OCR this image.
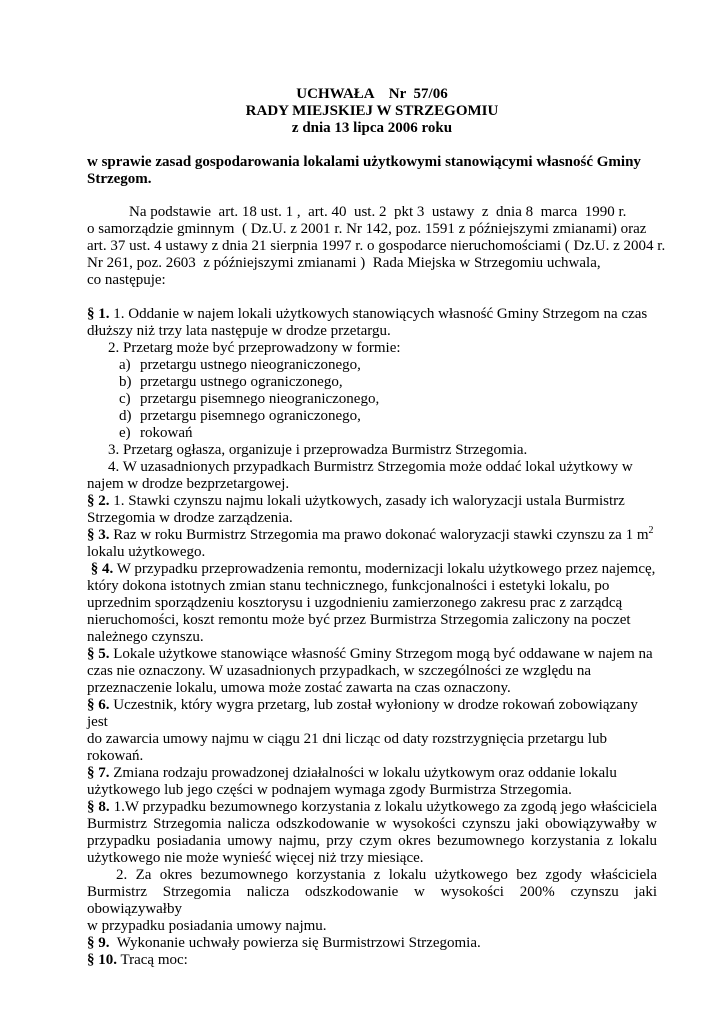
UCHWAŁA    Nr  57/06
RADY MIEJSKIEJ W STRZEGOMIU
z dnia 13 lipca 2006 roku
w sprawie zasad gospodarowania lokalami użytkowymi stanowiącymi własność Gminy
Strzegom.
Na podstawie  art. 18 ust. 1 ,  art. 40  ust. 2  pkt 3  ustawy  z  dnia 8  marca  1990 r.
o samorządzie gminnym  ( Dz.U. z 2001 r. Nr 142, poz. 1591 z późniejszymi zmianami) oraz
art. 37 ust. 4 ustawy z dnia 21 sierpnia 1997 r. o gospodarce nieruchomościami ( Dz.U. z 2004 r.
Nr 261, poz. 2603  z późniejszymi zmianami )  Rada Miejska w Strzegomiu uchwala,
co następuje:
§ 1. 1. Oddanie w najem lokali użytkowych stanowiących własność Gminy Strzegom na czas
dłuższy niż trzy lata następuje w drodze przetargu.
2. Przetarg może być przeprowadzony w formie:
a) przetargu ustnego nieograniczonego,
b) przetargu ustnego ograniczonego,
c) przetargu pisemnego nieograniczonego,
d) przetargu pisemnego ograniczonego,
e) rokowań
3. Przetarg ogłasza, organizuje i przeprowadza Burmistrz Strzegomia.
4. W uzasadnionych przypadkach Burmistrz Strzegomia może oddać lokal użytkowy w
najem w drodze bezprzetargowej.
§ 2. 1. Stawki czynszu najmu lokali użytkowych, zasady ich waloryzacji ustala Burmistrz
Strzegomia w drodze zarządzenia.
§ 3. Raz w roku Burmistrz Strzegomia ma prawo dokonać waloryzacji stawki czynszu za 1 $m^2$
lokalu użytkowego.
§ 4. W przypadku przeprowadzenia remontu, modernizacji lokalu użytkowego przez najemcę,
który dokona istotnych zmian stanu technicznego, funkcjonalności i estetyki lokalu, po
uprzednim sporządzeniu kosztorysu i uzgodnieniu zamierzonego zakresu prac z zarządcą
nieruchomości, koszt remontu może być przez Burmistrza Strzegomia zaliczony na poczet
należnego czynszu.
§ 5. Lokale użytkowe stanowiące własność Gminy Strzegom mogą być oddawane w najem na
czas nie oznaczony. W uzasadnionych przypadkach, w szczególności ze względu na
przeznaczenie lokalu, umowa może zostać zawarta na czas oznaczony.
§ 6. Uczestnik, który wygra przetarg, lub został wyłoniony w drodze rokowań zobowiązany jest
do zawarcia umowy najmu w ciągu 21 dni licząc od daty rozstrzygnięcia przetargu lub rokowań.
§ 7. Zmiana rodzaju prowadzonej działalności w lokalu użytkowym oraz oddanie lokalu
użytkowego lub jego części w podnajem wymaga zgody Burmistrza Strzegomia.
§ 8. 1.W przypadku bezumownego korzystania z lokalu użytkowego za zgodą jego właściciela
Burmistrz Strzegomia nalicza odszkodowanie w wysokości czynszu jaki obowiązywałby w
przypadku posiadania umowy najmu, przy czym okres bezumownego korzystania z lokalu
użytkowego nie może wynieść więcej niż trzy miesiące.
2. Za okres bezumownego korzystania z lokalu użytkowego bez zgody właściciela
Burmistrz Strzegomia nalicza odszkodowanie w wysokości 200% czynszu jaki obowiązywałby
w przypadku posiadania umowy najmu.
§ 9.  Wykonanie uchwały powierza się Burmistrzowi Strzegomia.
§ 10. Tracą moc:
